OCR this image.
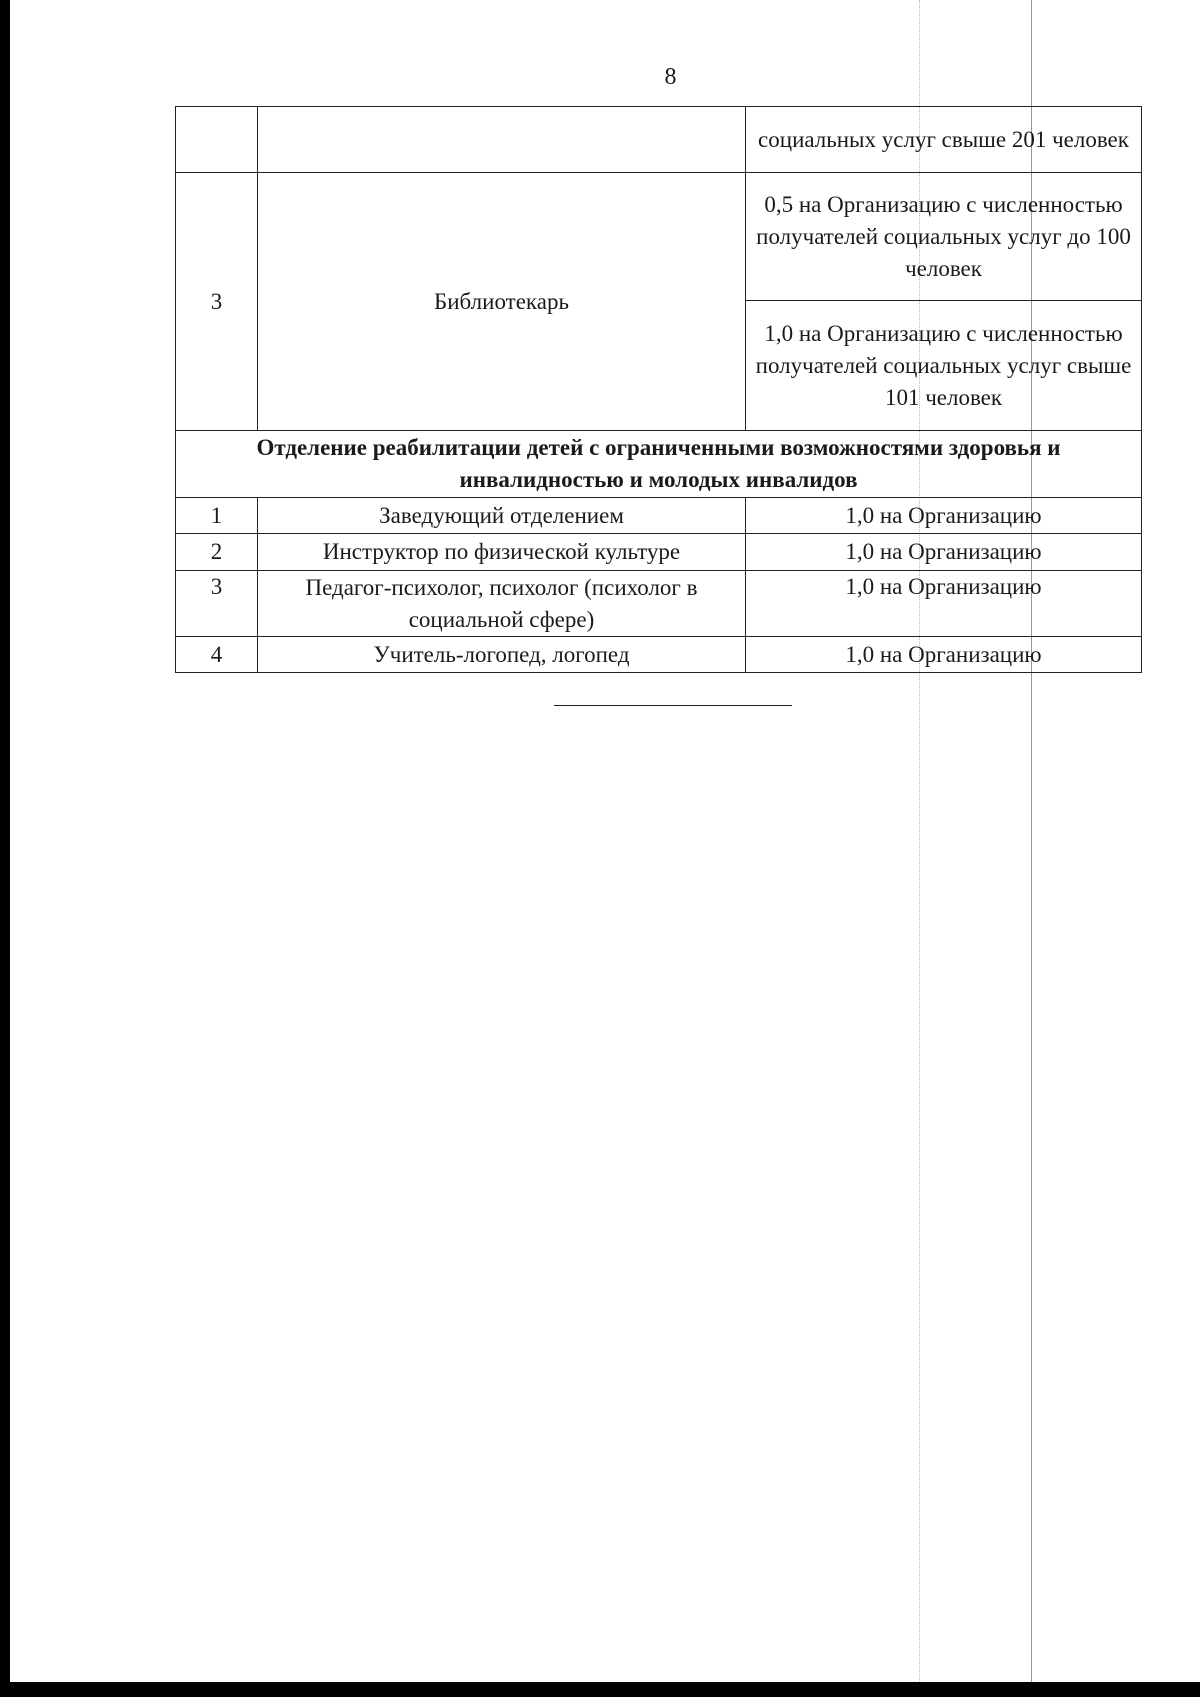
8
		социальных услуг свыше 201 человек
3	Библиотекарь	0,5 на Организацию с численностью получателей социальных услуг до 100 человек
		1,0 на Организацию с численностью получателей социальных услуг свыше 101 человек
Отделение реабилитации детей с ограниченными возможностями здоровья и инвалидностью и молодых инвалидов		
1	Заведующий отделением	1,0 на Организацию
2	Инструктор по физической культуре	1,0 на Организацию
3	Педагог-психолог, психолог (психолог в социальной сфере)	1,0 на Организацию
4	Учитель-логопед, логопед	1,0 на Организацию
